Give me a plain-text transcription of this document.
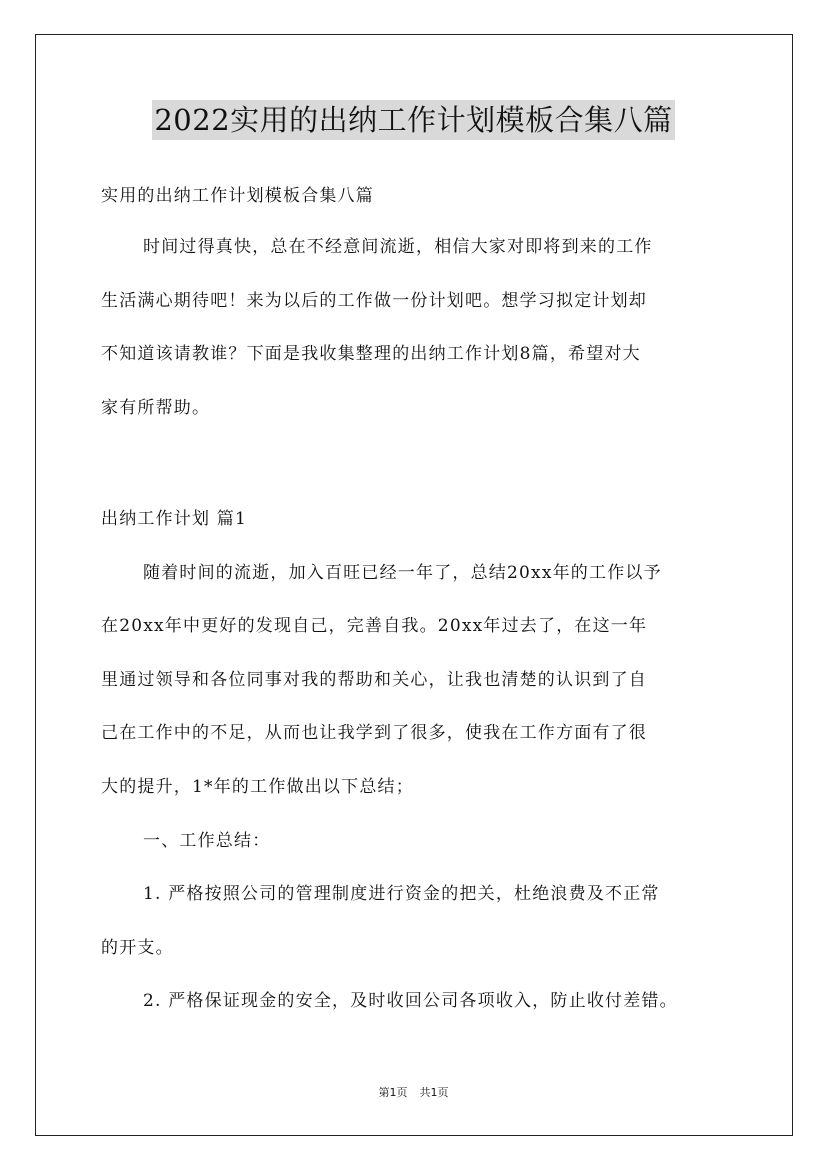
2022实用的出纳工作计划模板合集八篇
实用的出纳工作计划模板合集八篇
时间过得真快，总在不经意间流逝，相信大家对即将到来的工作
生活满心期待吧！来为以后的工作做一份计划吧。想学习拟定计划却
不知道该请教谁？下面是我收集整理的出纳工作计划8篇，希望对大
家有所帮助。
出纳工作计划 篇1
随着时间的流逝，加入百旺已经一年了，总结20xx年的工作以予
在20xx年中更好的发现自己，完善自我。20xx年过去了，在这一年
里通过领导和各位同事对我的帮助和关心，让我也清楚的认识到了自
己在工作中的不足，从而也让我学到了很多，使我在工作方面有了很
大的提升，1*年的工作做出以下总结；
一、工作总结：
1. 严格按照公司的管理制度进行资金的把关，杜绝浪费及不正常
的开支。
2. 严格保证现金的安全，及时收回公司各项收入，防止收付差错。
第1页 共1页
